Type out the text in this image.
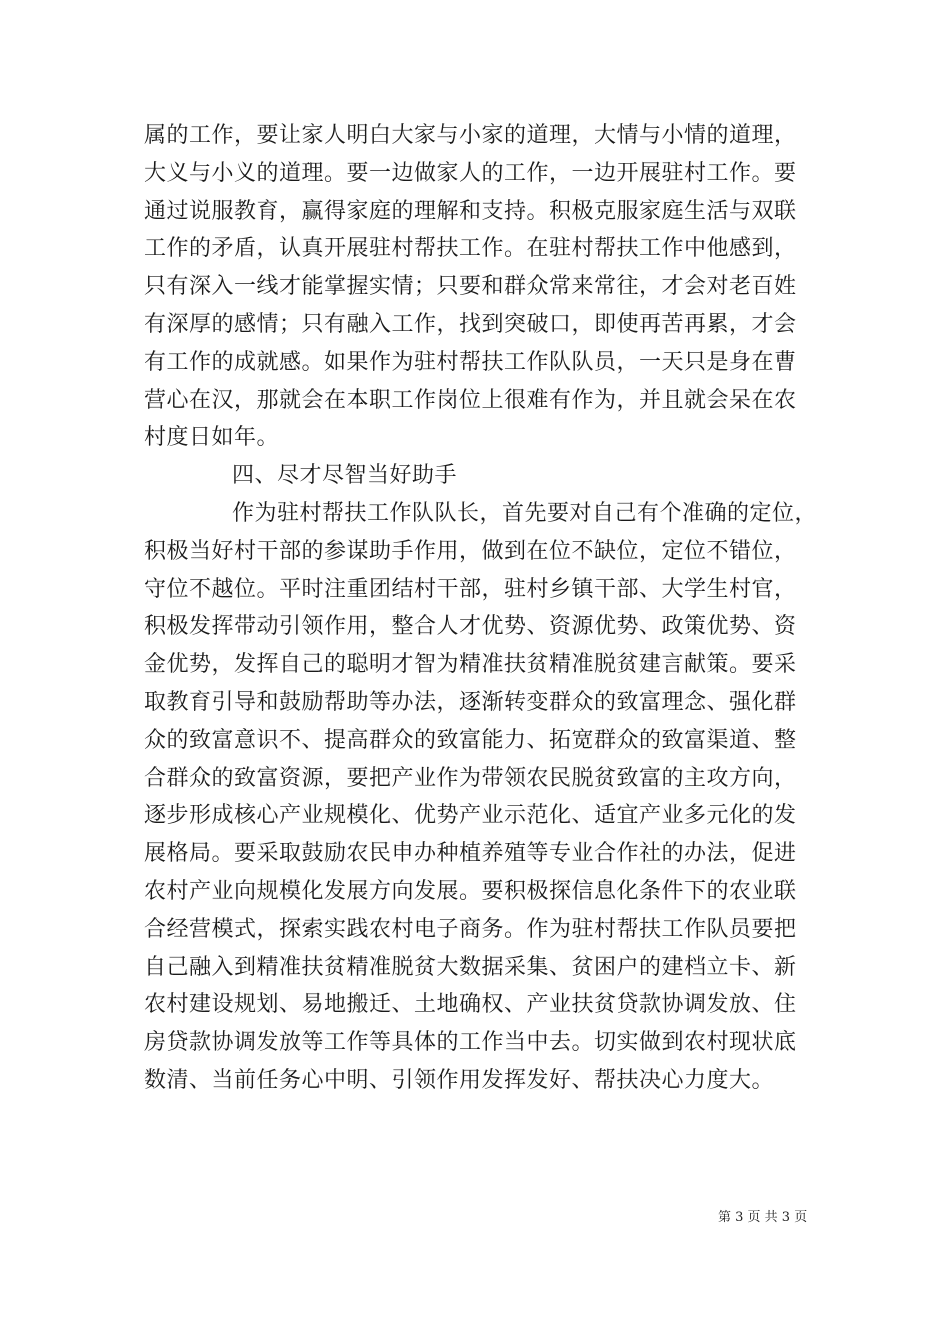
属的工作，要让家人明白大家与小家的道理，大情与小情的道理，
大义与小义的道理。要一边做家人的工作，一边开展驻村工作。要
通过说服教育，赢得家庭的理解和支持。积极克服家庭生活与双联
工作的矛盾，认真开展驻村帮扶工作。在驻村帮扶工作中他感到，
只有深入一线才能掌握实情；只要和群众常来常往，才会对老百姓
有深厚的感情；只有融入工作，找到突破口，即使再苦再累，才会
有工作的成就感。如果作为驻村帮扶工作队队员，一天只是身在曹
营心在汉，那就会在本职工作岗位上很难有作为，并且就会呆在农
村度日如年。
四、尽才尽智当好助手
作为驻村帮扶工作队队长，首先要对自己有个准确的定位，
积极当好村干部的参谋助手作用，做到在位不缺位，定位不错位，
守位不越位。平时注重团结村干部，驻村乡镇干部、大学生村官，
积极发挥带动引领作用，整合人才优势、资源优势、政策优势、资
金优势，发挥自己的聪明才智为精准扶贫精准脱贫建言献策。要采
取教育引导和鼓励帮助等办法，逐渐转变群众的致富理念、强化群
众的致富意识不、提高群众的致富能力、拓宽群众的致富渠道、整
合群众的致富资源，要把产业作为带领农民脱贫致富的主攻方向，
逐步形成核心产业规模化、优势产业示范化、适宜产业多元化的发
展格局。要采取鼓励农民申办种植养殖等专业合作社的办法，促进
农村产业向规模化发展方向发展。要积极探信息化条件下的农业联
合经营模式，探索实践农村电子商务。作为驻村帮扶工作队员要把
自己融入到精准扶贫精准脱贫大数据采集、贫困户的建档立卡、新
农村建设规划、易地搬迁、土地确权、产业扶贫贷款协调发放、住
房贷款协调发放等工作等具体的工作当中去。切实做到农村现状底
数清、当前任务心中明、引领作用发挥发好、帮扶决心力度大。
第 3 页 共 3 页
